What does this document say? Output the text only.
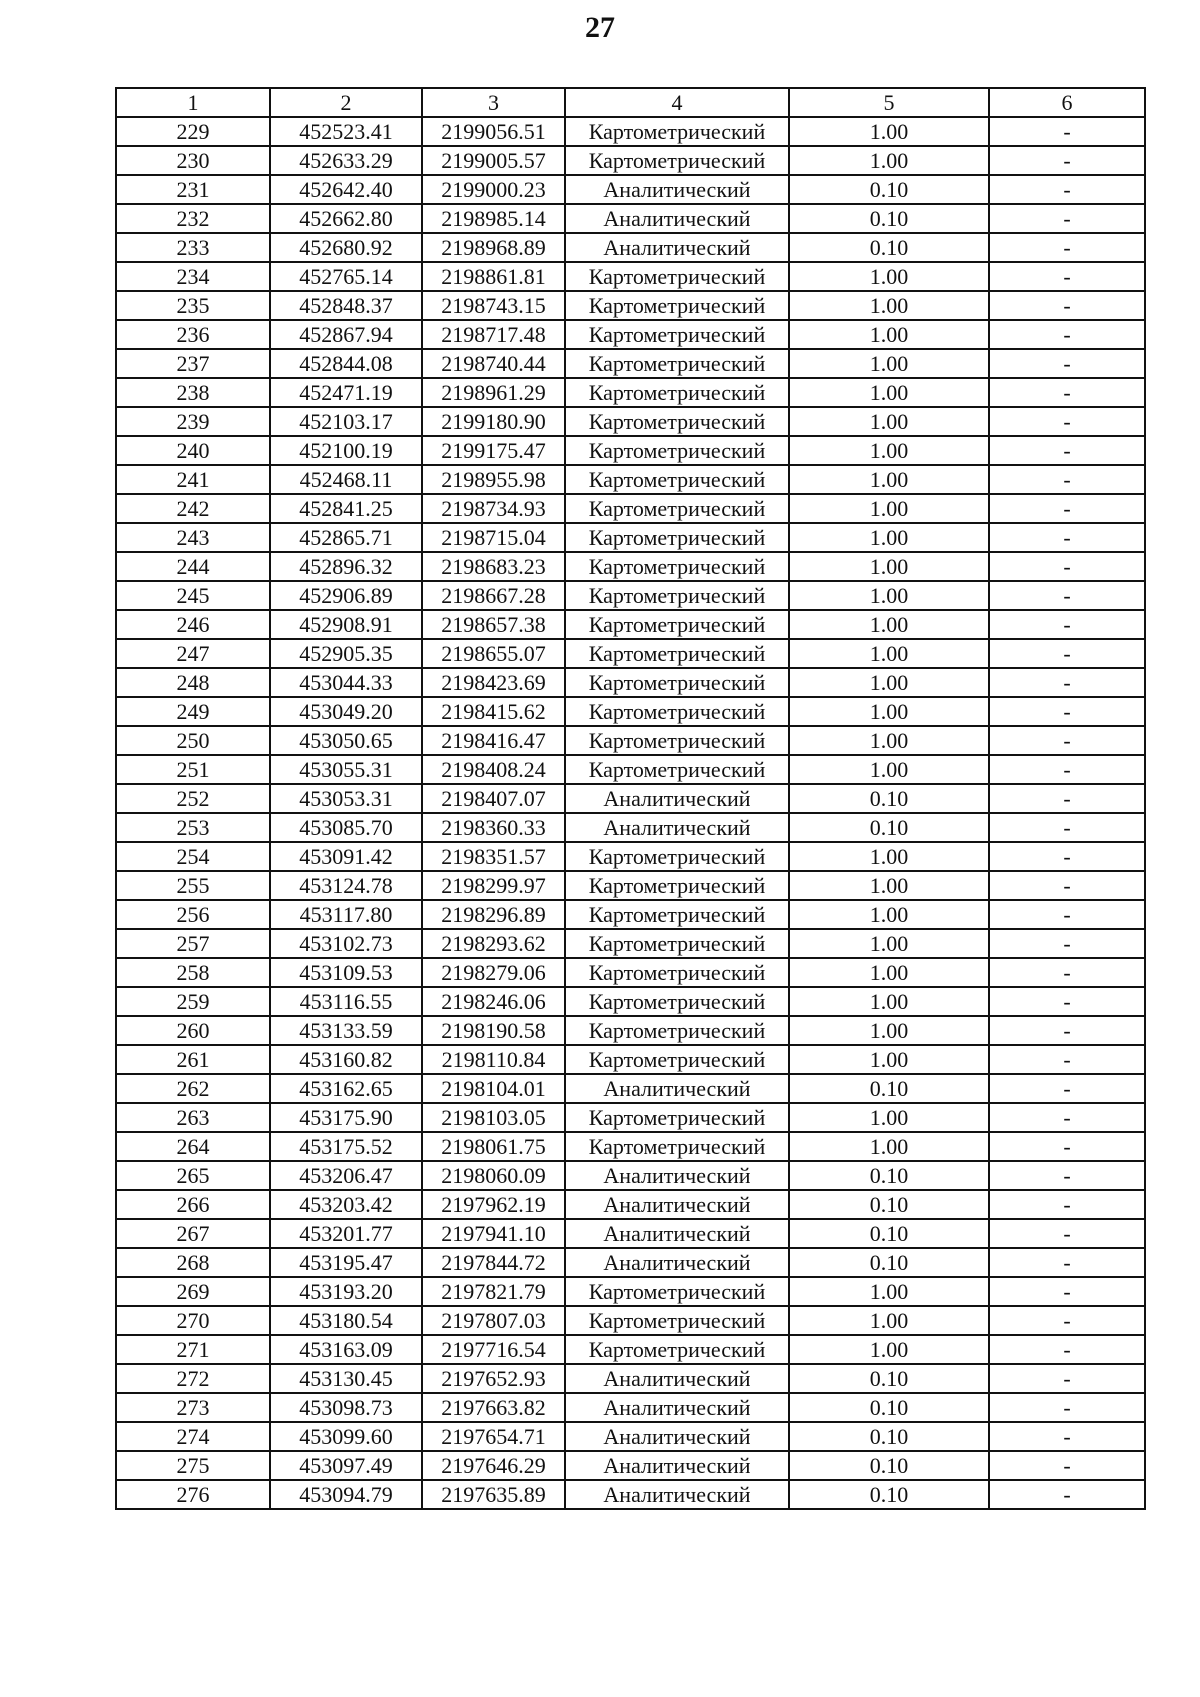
27
1	2	3	4	5	6
229	452523.41	2199056.51	Картометрический	1.00	-
230	452633.29	2199005.57	Картометрический	1.00	-
231	452642.40	2199000.23	Аналитический	0.10	-
232	452662.80	2198985.14	Аналитический	0.10	-
233	452680.92	2198968.89	Аналитический	0.10	-
234	452765.14	2198861.81	Картометрический	1.00	-
235	452848.37	2198743.15	Картометрический	1.00	-
236	452867.94	2198717.48	Картометрический	1.00	-
237	452844.08	2198740.44	Картометрический	1.00	-
238	452471.19	2198961.29	Картометрический	1.00	-
239	452103.17	2199180.90	Картометрический	1.00	-
240	452100.19	2199175.47	Картометрический	1.00	-
241	452468.11	2198955.98	Картометрический	1.00	-
242	452841.25	2198734.93	Картометрический	1.00	-
243	452865.71	2198715.04	Картометрический	1.00	-
244	452896.32	2198683.23	Картометрический	1.00	-
245	452906.89	2198667.28	Картометрический	1.00	-
246	452908.91	2198657.38	Картометрический	1.00	-
247	452905.35	2198655.07	Картометрический	1.00	-
248	453044.33	2198423.69	Картометрический	1.00	-
249	453049.20	2198415.62	Картометрический	1.00	-
250	453050.65	2198416.47	Картометрический	1.00	-
251	453055.31	2198408.24	Картометрический	1.00	-
252	453053.31	2198407.07	Аналитический	0.10	-
253	453085.70	2198360.33	Аналитический	0.10	-
254	453091.42	2198351.57	Картометрический	1.00	-
255	453124.78	2198299.97	Картометрический	1.00	-
256	453117.80	2198296.89	Картометрический	1.00	-
257	453102.73	2198293.62	Картометрический	1.00	-
258	453109.53	2198279.06	Картометрический	1.00	-
259	453116.55	2198246.06	Картометрический	1.00	-
260	453133.59	2198190.58	Картометрический	1.00	-
261	453160.82	2198110.84	Картометрический	1.00	-
262	453162.65	2198104.01	Аналитический	0.10	-
263	453175.90	2198103.05	Картометрический	1.00	-
264	453175.52	2198061.75	Картометрический	1.00	-
265	453206.47	2198060.09	Аналитический	0.10	-
266	453203.42	2197962.19	Аналитический	0.10	-
267	453201.77	2197941.10	Аналитический	0.10	-
268	453195.47	2197844.72	Аналитический	0.10	-
269	453193.20	2197821.79	Картометрический	1.00	-
270	453180.54	2197807.03	Картометрический	1.00	-
271	453163.09	2197716.54	Картометрический	1.00	-
272	453130.45	2197652.93	Аналитический	0.10	-
273	453098.73	2197663.82	Аналитический	0.10	-
274	453099.60	2197654.71	Аналитический	0.10	-
275	453097.49	2197646.29	Аналитический	0.10	-
276	453094.79	2197635.89	Аналитический	0.10	-
